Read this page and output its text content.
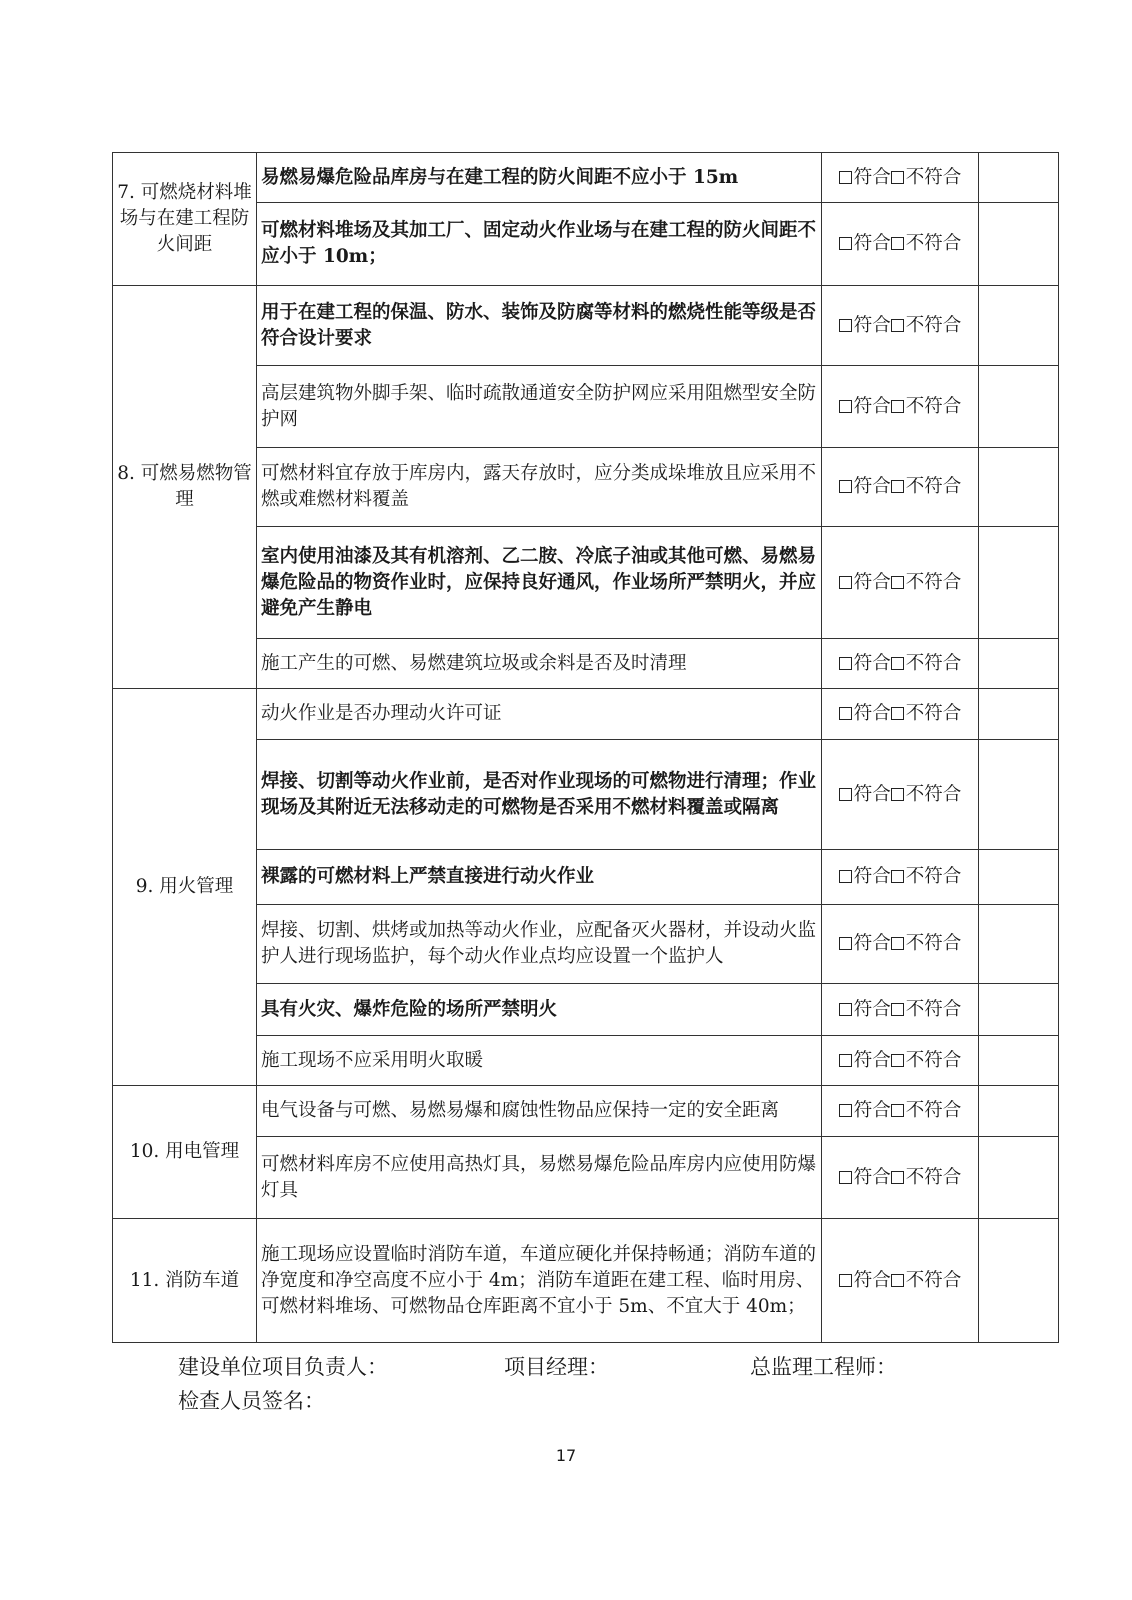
7. 可燃烧材料堆场与在建工程防火间距	易燃易爆危险品库房与在建工程的防火间距不应小于 15m	符合 不符合	
	可燃材料堆场及其加工厂、固定动火作业场与在建工程的防火间距不应小于 10m；	符合 不符合	
8. 可燃易燃物管理	用于在建工程的保温、防水、装饰及防腐等材料的燃烧性能等级是否符合设计要求	符合 不符合	
	高层建筑物外脚手架、临时疏散通道安全防护网应采用阻燃型安全防护网	符合 不符合	
	可燃材料宜存放于库房内，露天存放时，应分类成垛堆放且应采用不燃或难燃材料覆盖	符合 不符合	
	室内使用油漆及其有机溶剂、乙二胺、冷底子油或其他可燃、易燃易爆危险品的物资作业时，应保持良好通风，作业场所严禁明火，并应避免产生静电	符合 不符合	
	施工产生的可燃、易燃建筑垃圾或余料是否及时清理	符合 不符合	
9. 用火管理	动火作业是否办理动火许可证	符合 不符合	
	焊接、切割等动火作业前，是否对作业现场的可燃物进行清理；作业现场及其附近无法移动走的可燃物是否采用不燃材料覆盖或隔离	符合 不符合	
	裸露的可燃材料上严禁直接进行动火作业	符合 不符合	
	焊接、切割、烘烤或加热等动火作业，应配备灭火器材，并设动火监护人进行现场监护，每个动火作业点均应设置一个监护人	符合 不符合	
	具有火灾、爆炸危险的场所严禁明火	符合 不符合	
	施工现场不应采用明火取暖	符合 不符合	
10. 用电管理	电气设备与可燃、易燃易爆和腐蚀性物品应保持一定的安全距离	符合 不符合	
	可燃材料库房不应使用高热灯具，易燃易爆危险品库房内应使用防爆灯具	符合 不符合	
11. 消防车道	施工现场应设置临时消防车道，车道应硬化并保持畅通；消防车道的净宽度和净空高度不应小于 4m；消防车道距在建工程、临时用房、可燃材料堆场、可燃物品仓库距离不宜小于 5m、不宜大于 40m；	符合 不符合	
建设单位项目负责人：	项目经理：	总监理工程师：
检查人员签名：
17
